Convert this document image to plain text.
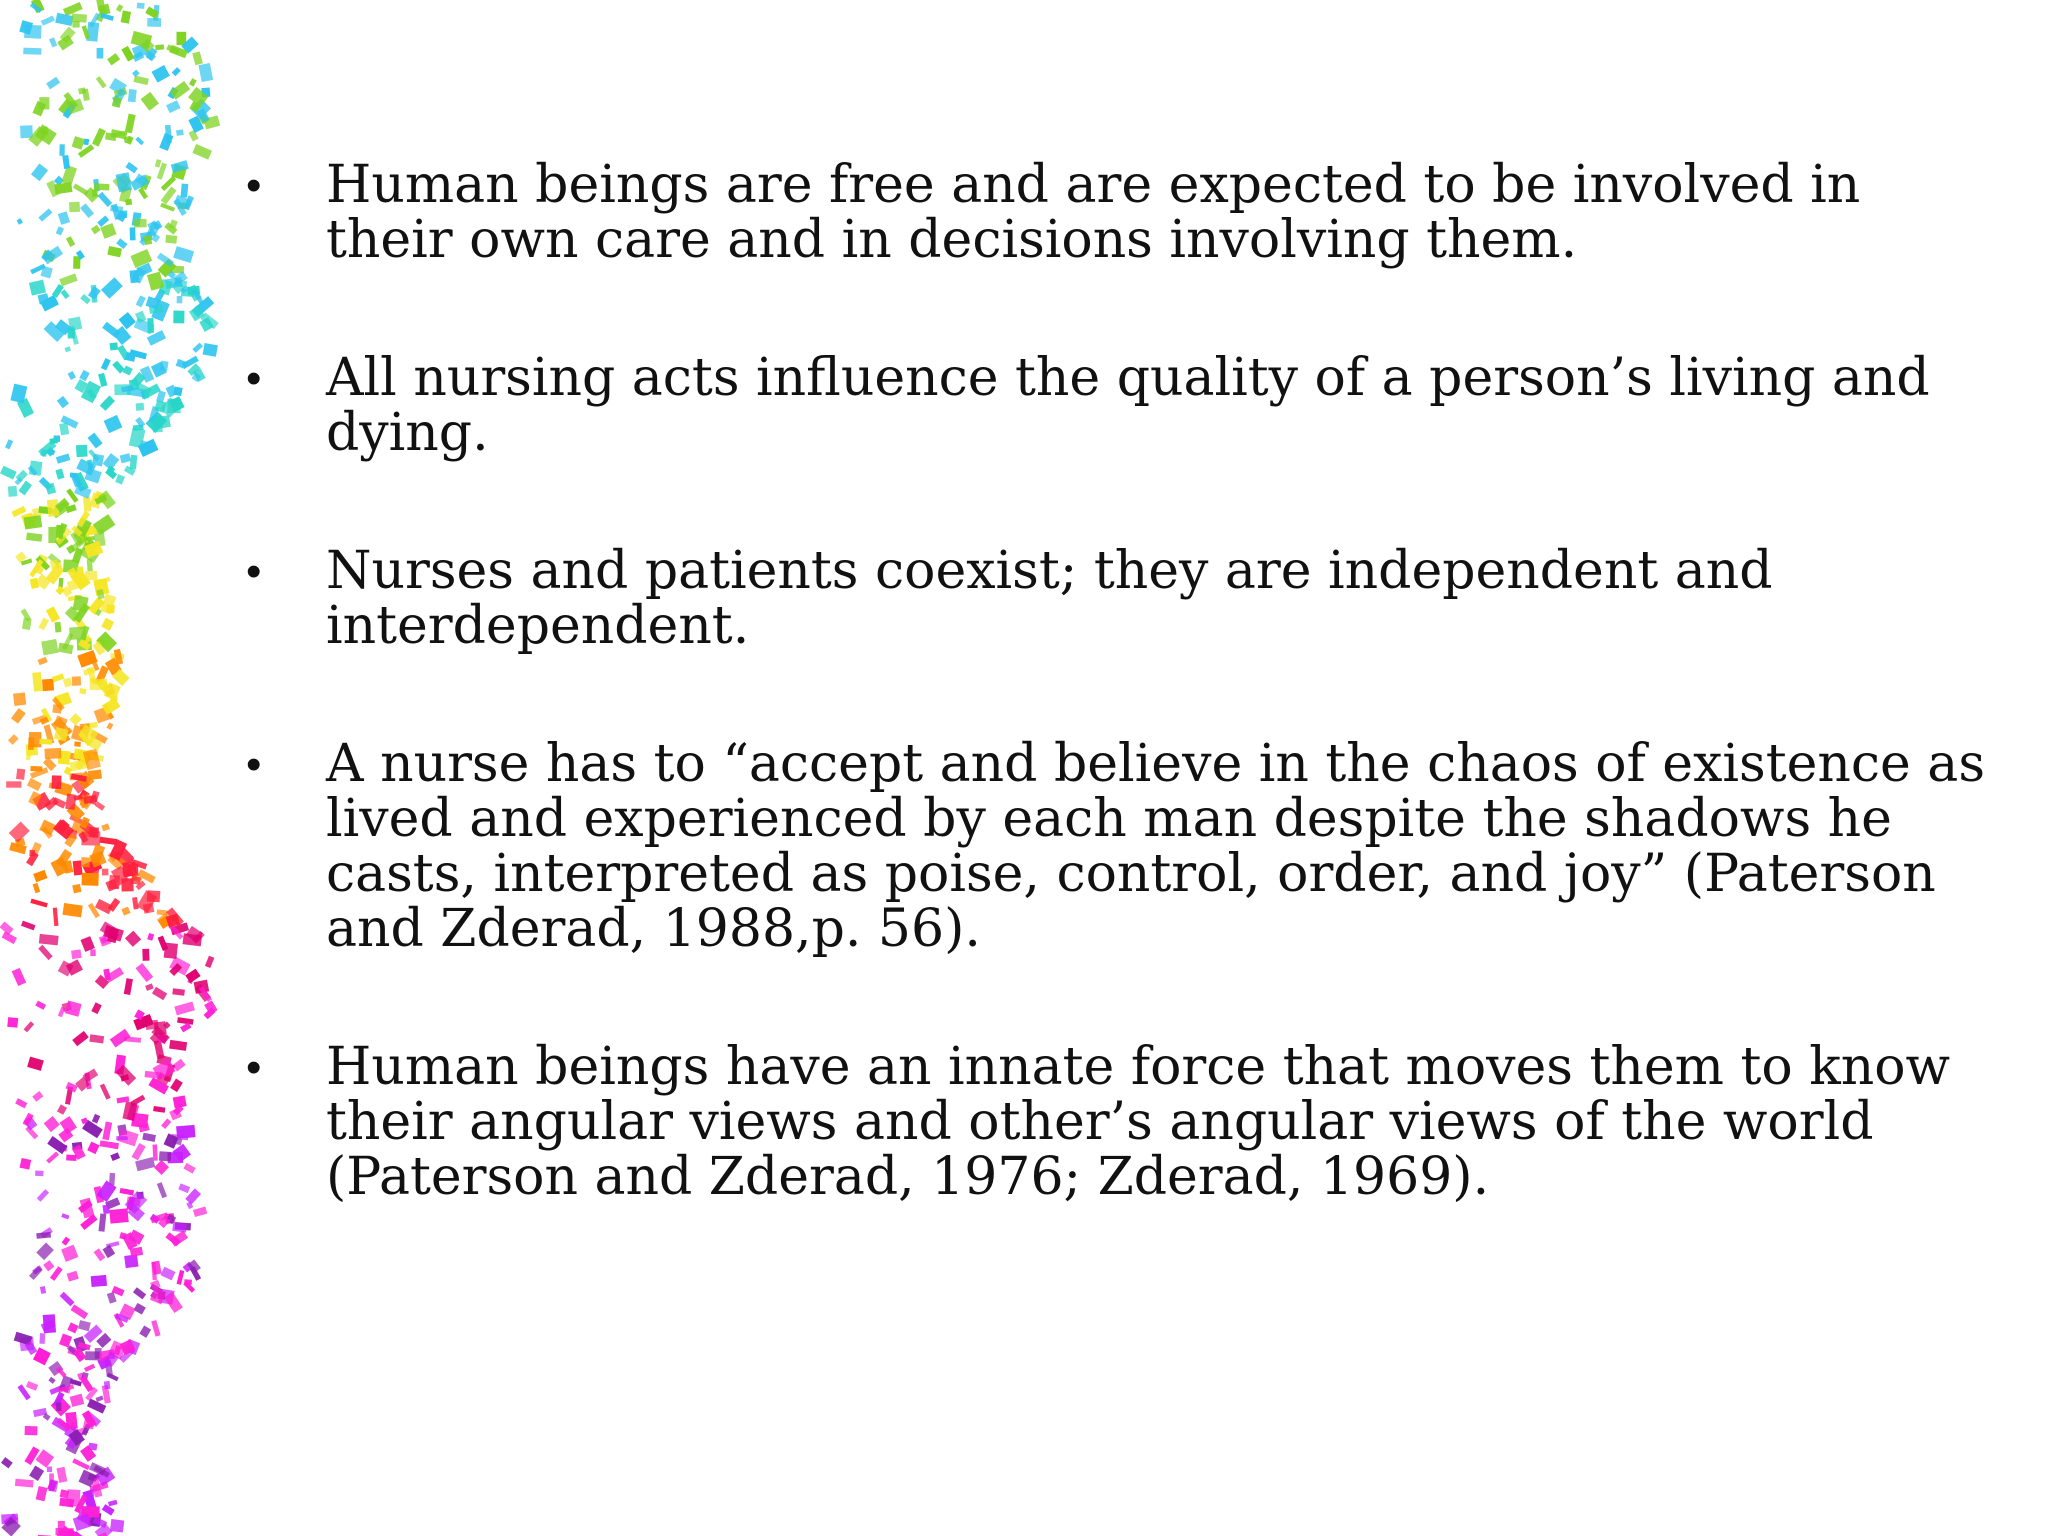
• Human beings are free and are expected to be involved in their own care and in decisions involving them.
• All nursing acts influence the quality of a person’s living and dying.
• Nurses and patients coexist; they are independent and interdependent.
• A nurse has to “accept and believe in the chaos of existence as lived and experienced by each man despite the shadows he casts, interpreted as poise, control, order, and joy” (Paterson and Zderad, 1988,p. 56).
• Human beings have an innate force that moves them to know their angular views and other’s angular views of the world (Paterson and Zderad, 1976; Zderad, 1969).
